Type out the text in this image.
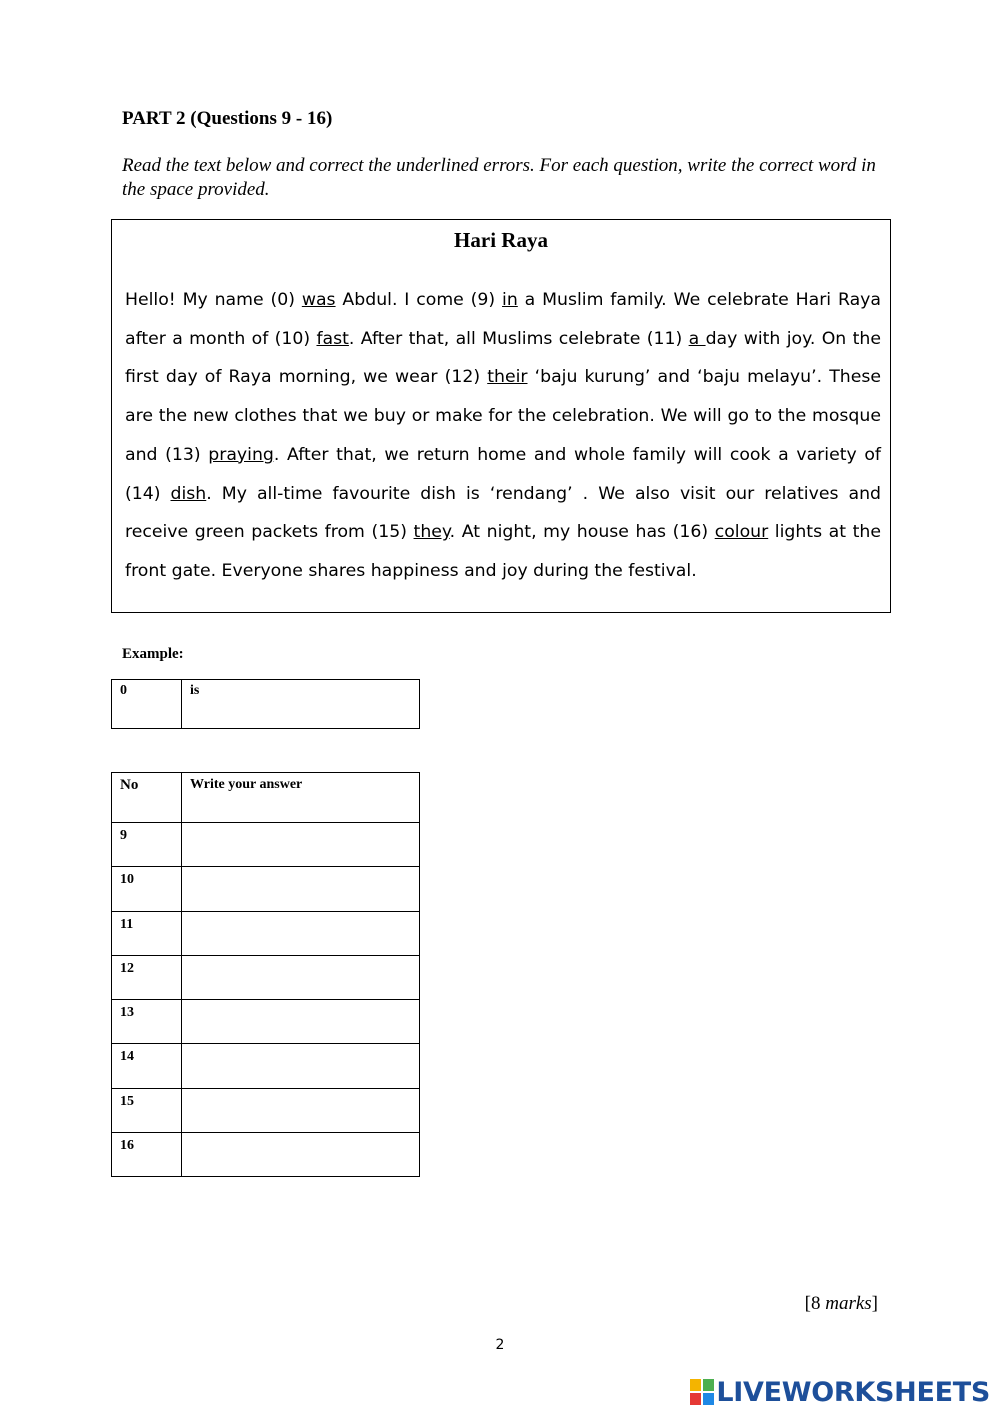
PART 2 (Questions 9 - 16)
Read the text below and correct the underlined errors. For each question, write the correct word in the space provided.
Hari Raya
Hello! My name (0) was Abdul. I come (9) in a Muslim family. We celebrate Hari Raya after a month of (10) fast. After that, all Muslims celebrate (11) a day with joy. On the first day of Raya morning, we wear (12) their ‘baju kurung’ and ‘baju melayu’. These are the new clothes that we buy or make for the celebration. We will go to the mosque and (13) praying. After that, we return home and whole family will cook a variety of (14) dish. My all-time favourite dish is ‘rendang’ . We also visit our relatives and receive green packets from (15) they. At night, my house has (16) colour lights at the front gate. Everyone shares happiness and joy during the festival.
Example:
0	is
No	Write your answer
9	
10	
11	
12	
13	
14	
15	
16	
[8 marks]
2
LIVEWORKSHEETS
